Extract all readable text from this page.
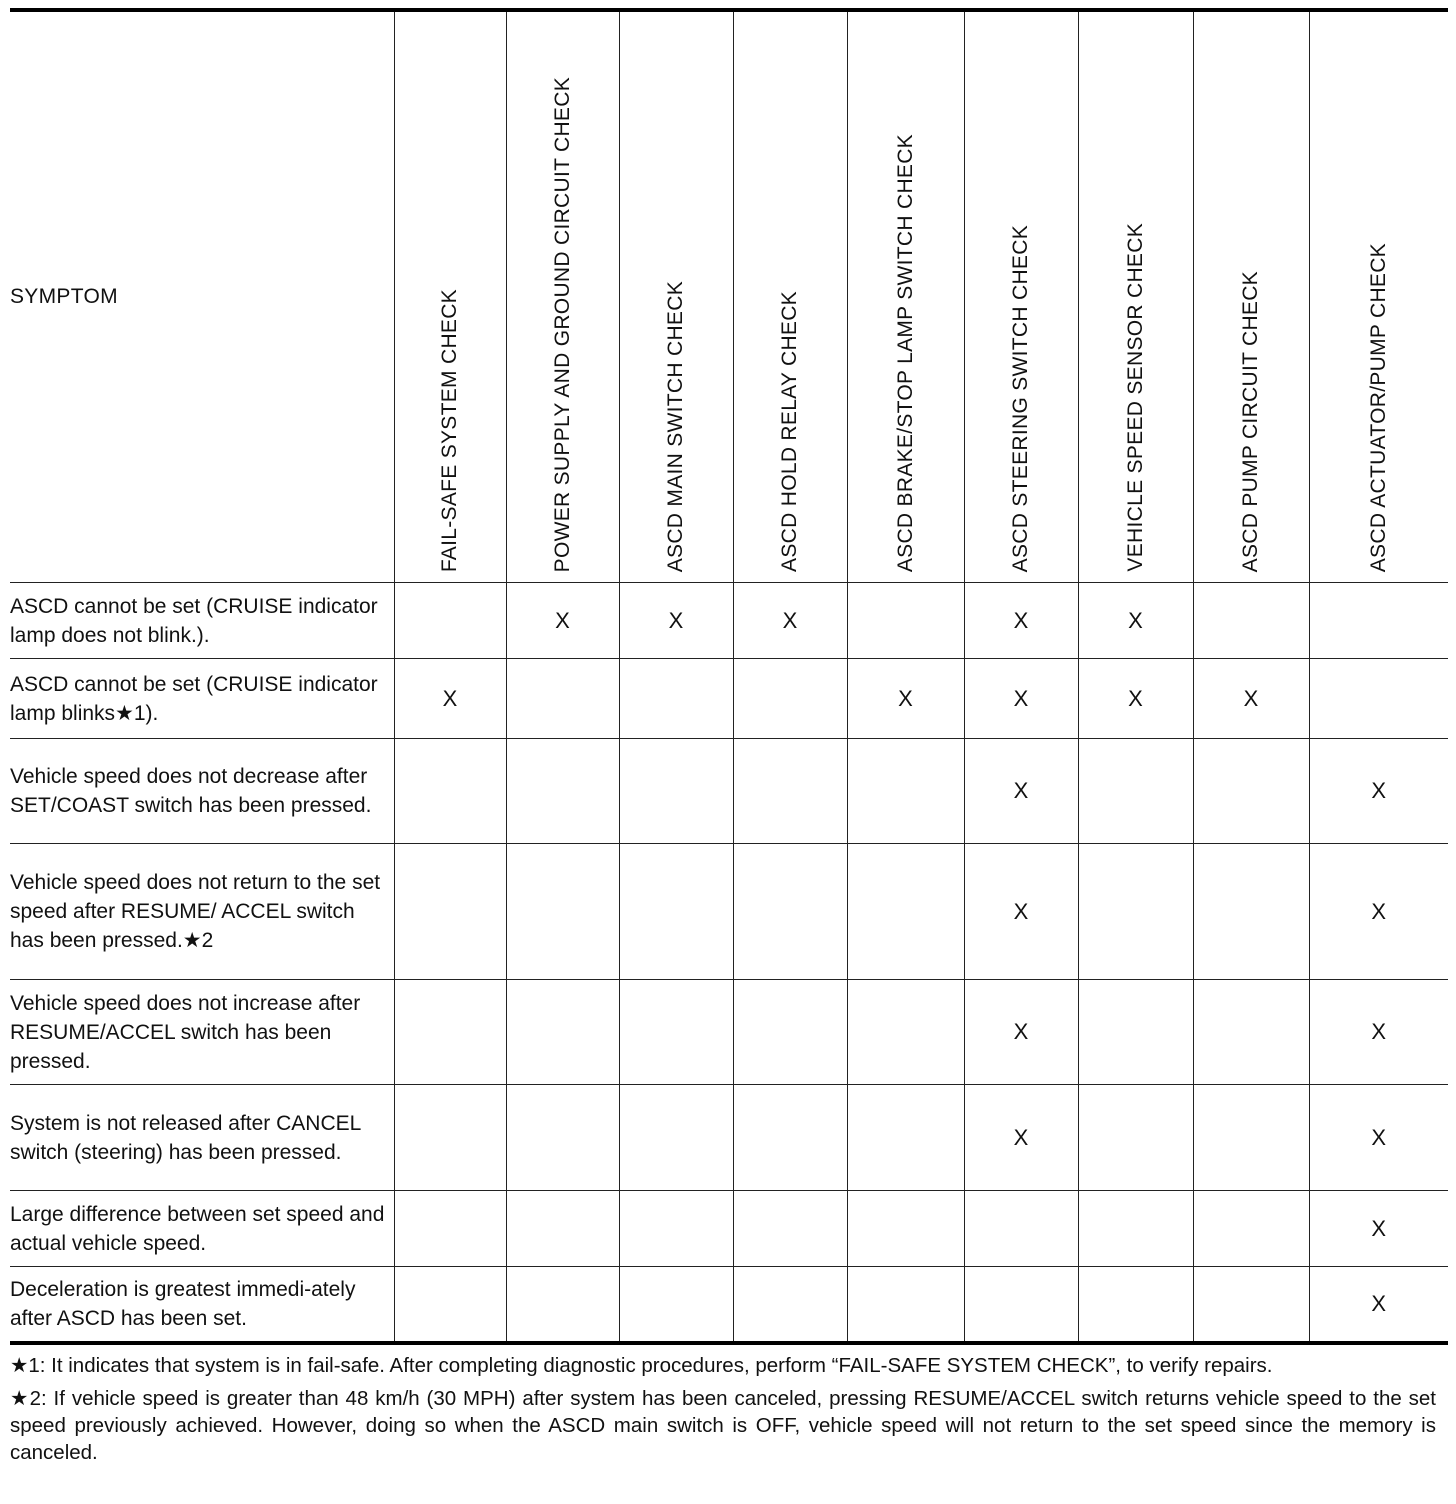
SYMPTOM	FAIL-SAFE SYSTEM CHECK	POWER SUPPLY AND GROUND CIRCUIT CHECK	ASCD MAIN SWITCH CHECK	ASCD HOLD RELAY CHECK	ASCD BRAKE/STOP LAMP SWITCH CHECK	ASCD STEERING SWITCH CHECK	VEHICLE SPEED SENSOR CHECK	ASCD PUMP CIRCUIT CHECK	ASCD ACTUATOR/PUMP CHECK

ASCD cannot be set (CRUISE indicator lamp does not blink.).		X	X	X		X	X		
ASCD cannot be set (CRUISE indicator lamp blinks★1).	X				X	X	X	X	
Vehicle speed does not decrease after SET/COAST switch has been pressed.						X			X
Vehicle speed does not return to the set speed after RESUME/ ACCEL switch has been pressed.★2						X			X
Vehicle speed does not increase after RESUME/ACCEL switch has been pressed.						X			X
System is not released after CANCEL switch (steering) has been pressed.						X			X
Large difference between set speed and actual vehicle speed.									X
Deceleration is greatest immedi-ately after ASCD has been set.									X

★1: It indicates that system is in fail-safe. After completing diagnostic procedures, perform “FAIL-SAFE SYSTEM CHECK”, to verify repairs.

★2: If vehicle speed is greater than 48 km/h (30 MPH) after system has been canceled, pressing RESUME/ACCEL switch returns vehicle speed to the set speed previously achieved. However, doing so when the ASCD main switch is OFF, vehicle speed will not return to the set speed since the memory is canceled.
